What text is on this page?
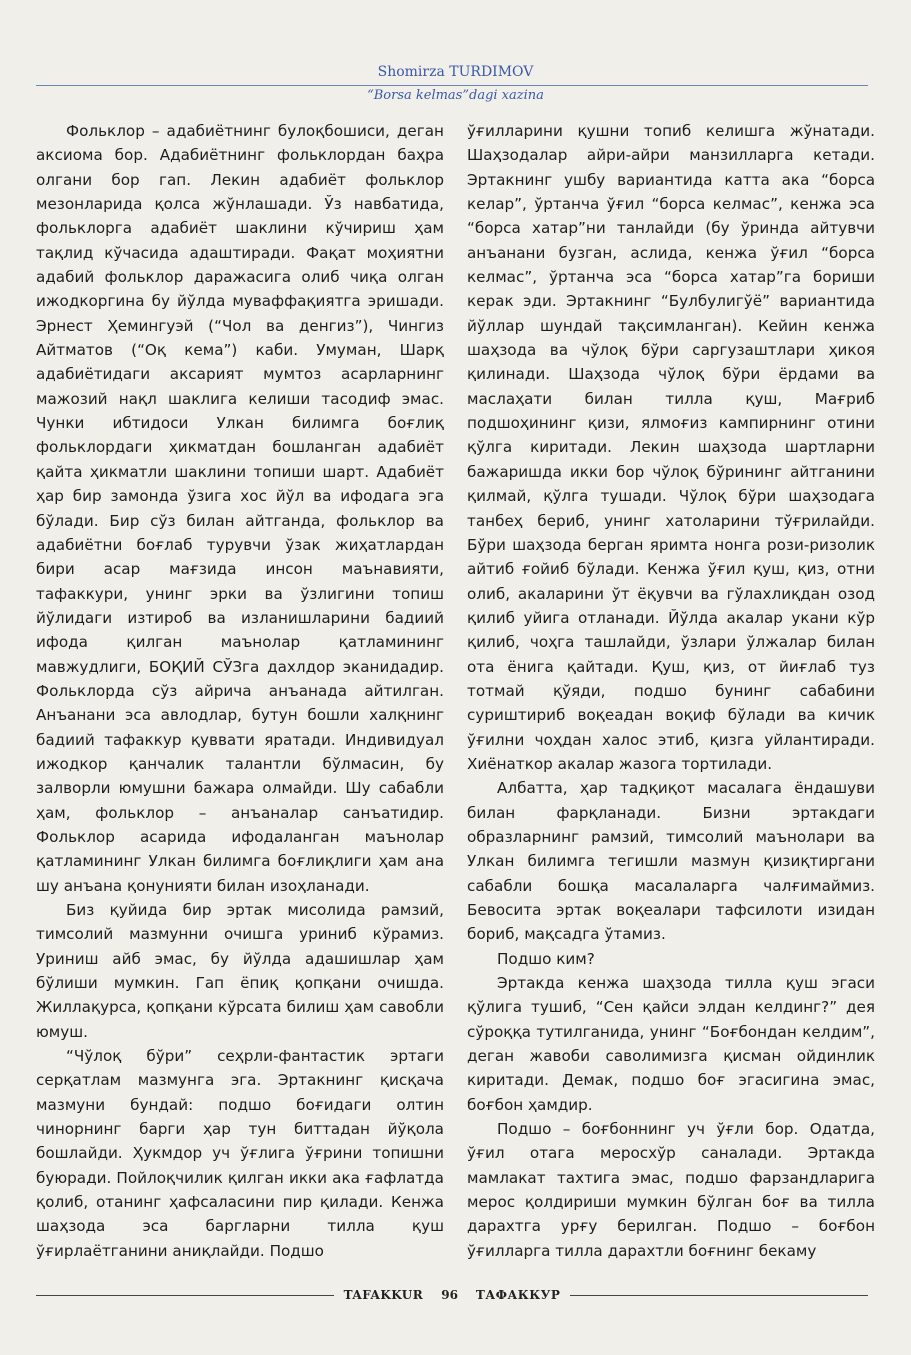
Shomirza TURDIMOV
“Borsa kelmas”dagi xazina

Фольклор – адабиётнинг булоқбошиси, деган аксиома бор. Адабиётнинг фольклордан баҳра олгани бор гап. Лекин адабиёт фольклор мезонларида қолса жўнлашади. Ўз навбатида, фольклорга адабиёт шаклини кўчириш ҳам тақлид кўчасида адаштиради. Фақат моҳиятни адабий фольклор даражасига олиб чиқа олган ижодкоргина бу йўлда муваффақиятга эришади. Эрнест Ҳемингуэй (“Чол ва денгиз”), Чингиз Айтматов (“Оқ кема”) каби. Умуман, Шарқ адабиётидаги аксарият мумтоз асарларнинг мажозий нақл шаклига келиши тасодиф эмас. Чунки ибтидоси Улкан билимга боғлиқ фольклордаги ҳикматдан бошланган адабиёт қайта ҳикматли шаклини топиши шарт. Адабиёт ҳар бир замонда ўзига хос йўл ва ифодага эга бўлади. Бир сўз билан айтганда, фольклор ва адабиётни боғлаб турувчи ўзак жиҳатлардан бири асар мағзида инсон маънавияти, тафаккури, унинг эрки ва ўзлигини топиш йўлидаги изтироб ва изланишларини бадиий ифода қилган маънолар қатламининг мавжудлиги, БОҚИЙ СЎЗга дахлдор эканидадир. Фольклорда сўз айрича анъанада айтилган. Анъанани эса авлодлар, бутун бошли халқнинг бадиий тафаккур қуввати яратади. Индивидуал ижодкор қанчалик талантли бўлмасин, бу залворли юмушни бажара олмайди. Шу сабабли ҳам, фольклор – анъаналар санъатидир. Фольклор асарида ифодаланган маънолар қатламининг Улкан билимга боғлиқлиги ҳам ана шу анъана қонунияти билан изоҳланади.

Биз қуйида бир эртак мисолида рамзий, тимсолий мазмунни очишга уриниб кўрамиз. Уриниш айб эмас, бу йўлда адашишлар ҳам бўлиши мумкин. Гап ёпиқ қопқани очишда. Жиллақурса, қопқани кўрсата билиш ҳам савобли юмуш.

“Чўлоқ бўри” сеҳрли-фантастик эртаги серқатлам мазмунга эга. Эртакнинг қисқача мазмуни бундай: подшо боғидаги олтин чинорнинг барги ҳар тун биттадан йўқола бошлайди. Ҳукмдор уч ўғлига ўғрини топишни буюради. Пойлоқчилик қилган икки ака ғафлатда қолиб, отанинг ҳафсаласини пир қилади. Кенжа шаҳзода эса баргларни тилла қуш ўғирлаётганини аниқлайди. Подшо

ўғилларини қушни топиб келишга жўнатади. Шаҳзодалар айри-айри манзилларга кетади. Эртакнинг ушбу вариантида катта ака “борса келар”, ўртанча ўғил “борса келмас”, кенжа эса “борса хатар”ни танлайди (бу ўринда айтувчи анъанани бузган, аслида, кенжа ўғил “борса келмас”, ўртанча эса “борса хатар”га бориши керак эди. Эртакнинг “Булбулигўё” вариантида йўллар шундай тақсимланган). Кейин кенжа шаҳзода ва чўлоқ бўри саргузаштлари ҳикоя қилинади. Шаҳзода чўлоқ бўри ёрдами ва маслаҳати билан тилла қуш, Мағриб подшоҳининг қизи, ялмоғиз кампирнинг отини қўлга киритади. Лекин шаҳзода шартларни бажаришда икки бор чўлоқ бўрининг айтганини қилмай, қўлга тушади. Чўлоқ бўри шаҳзодага танбеҳ бериб, унинг хатоларини тўғрилайди. Бўри шаҳзода берган яримта нонга рози-ризолик айтиб ғойиб бўлади. Кенжа ўғил қуш, қиз, отни олиб, акаларини ўт ёқувчи ва гўлахлиқдан озод қилиб уйига отланади. Йўлда акалар укани кўр қилиб, чоҳга ташлайди, ўзлари ўлжалар билан ота ёнига қайтади. Қуш, қиз, от йиғлаб туз тотмай қўяди, подшо бунинг сабабини суриштириб воқеадан воқиф бўлади ва кичик ўғилни чоҳдан халос этиб, қизга уйлантиради. Хиёнаткор акалар жазога тортилади.

Албатта, ҳар тадқиқот масалага ёндашуви билан фарқланади. Бизни эртакдаги образларнинг рамзий, тимсолий маънолари ва Улкан билимга тегишли мазмун қизиқтиргани сабабли бошқа масалаларга чалғимаймиз. Бевосита эртак воқеалари тафсилоти изидан бориб, мақсадга ўтамиз.

Подшо ким?

Эртакда кенжа шаҳзода тилла қуш эгаси қўлига тушиб, “Сен қайси элдан келдинг?” дея сўроққа тутилганида, унинг “Боғбондан келдим”, деган жавоби саволимизга қисман ойдинлик киритади. Демак, подшо боғ эгасигина эмас, боғбон ҳамдир.

Подшо – боғбоннинг уч ўғли бор. Одатда, ўғил отага меросхўр саналади. Эртакда мамлакат тахтига эмас, подшо фарзандларига мерос қолдириши мумкин бўлган боғ ва тилла дарахтга урғу берилган. Подшо – боғбон ўғилларга тилла дарахтли боғнинг бекаму

TAFAKKUR	96	ТАФАККУР
